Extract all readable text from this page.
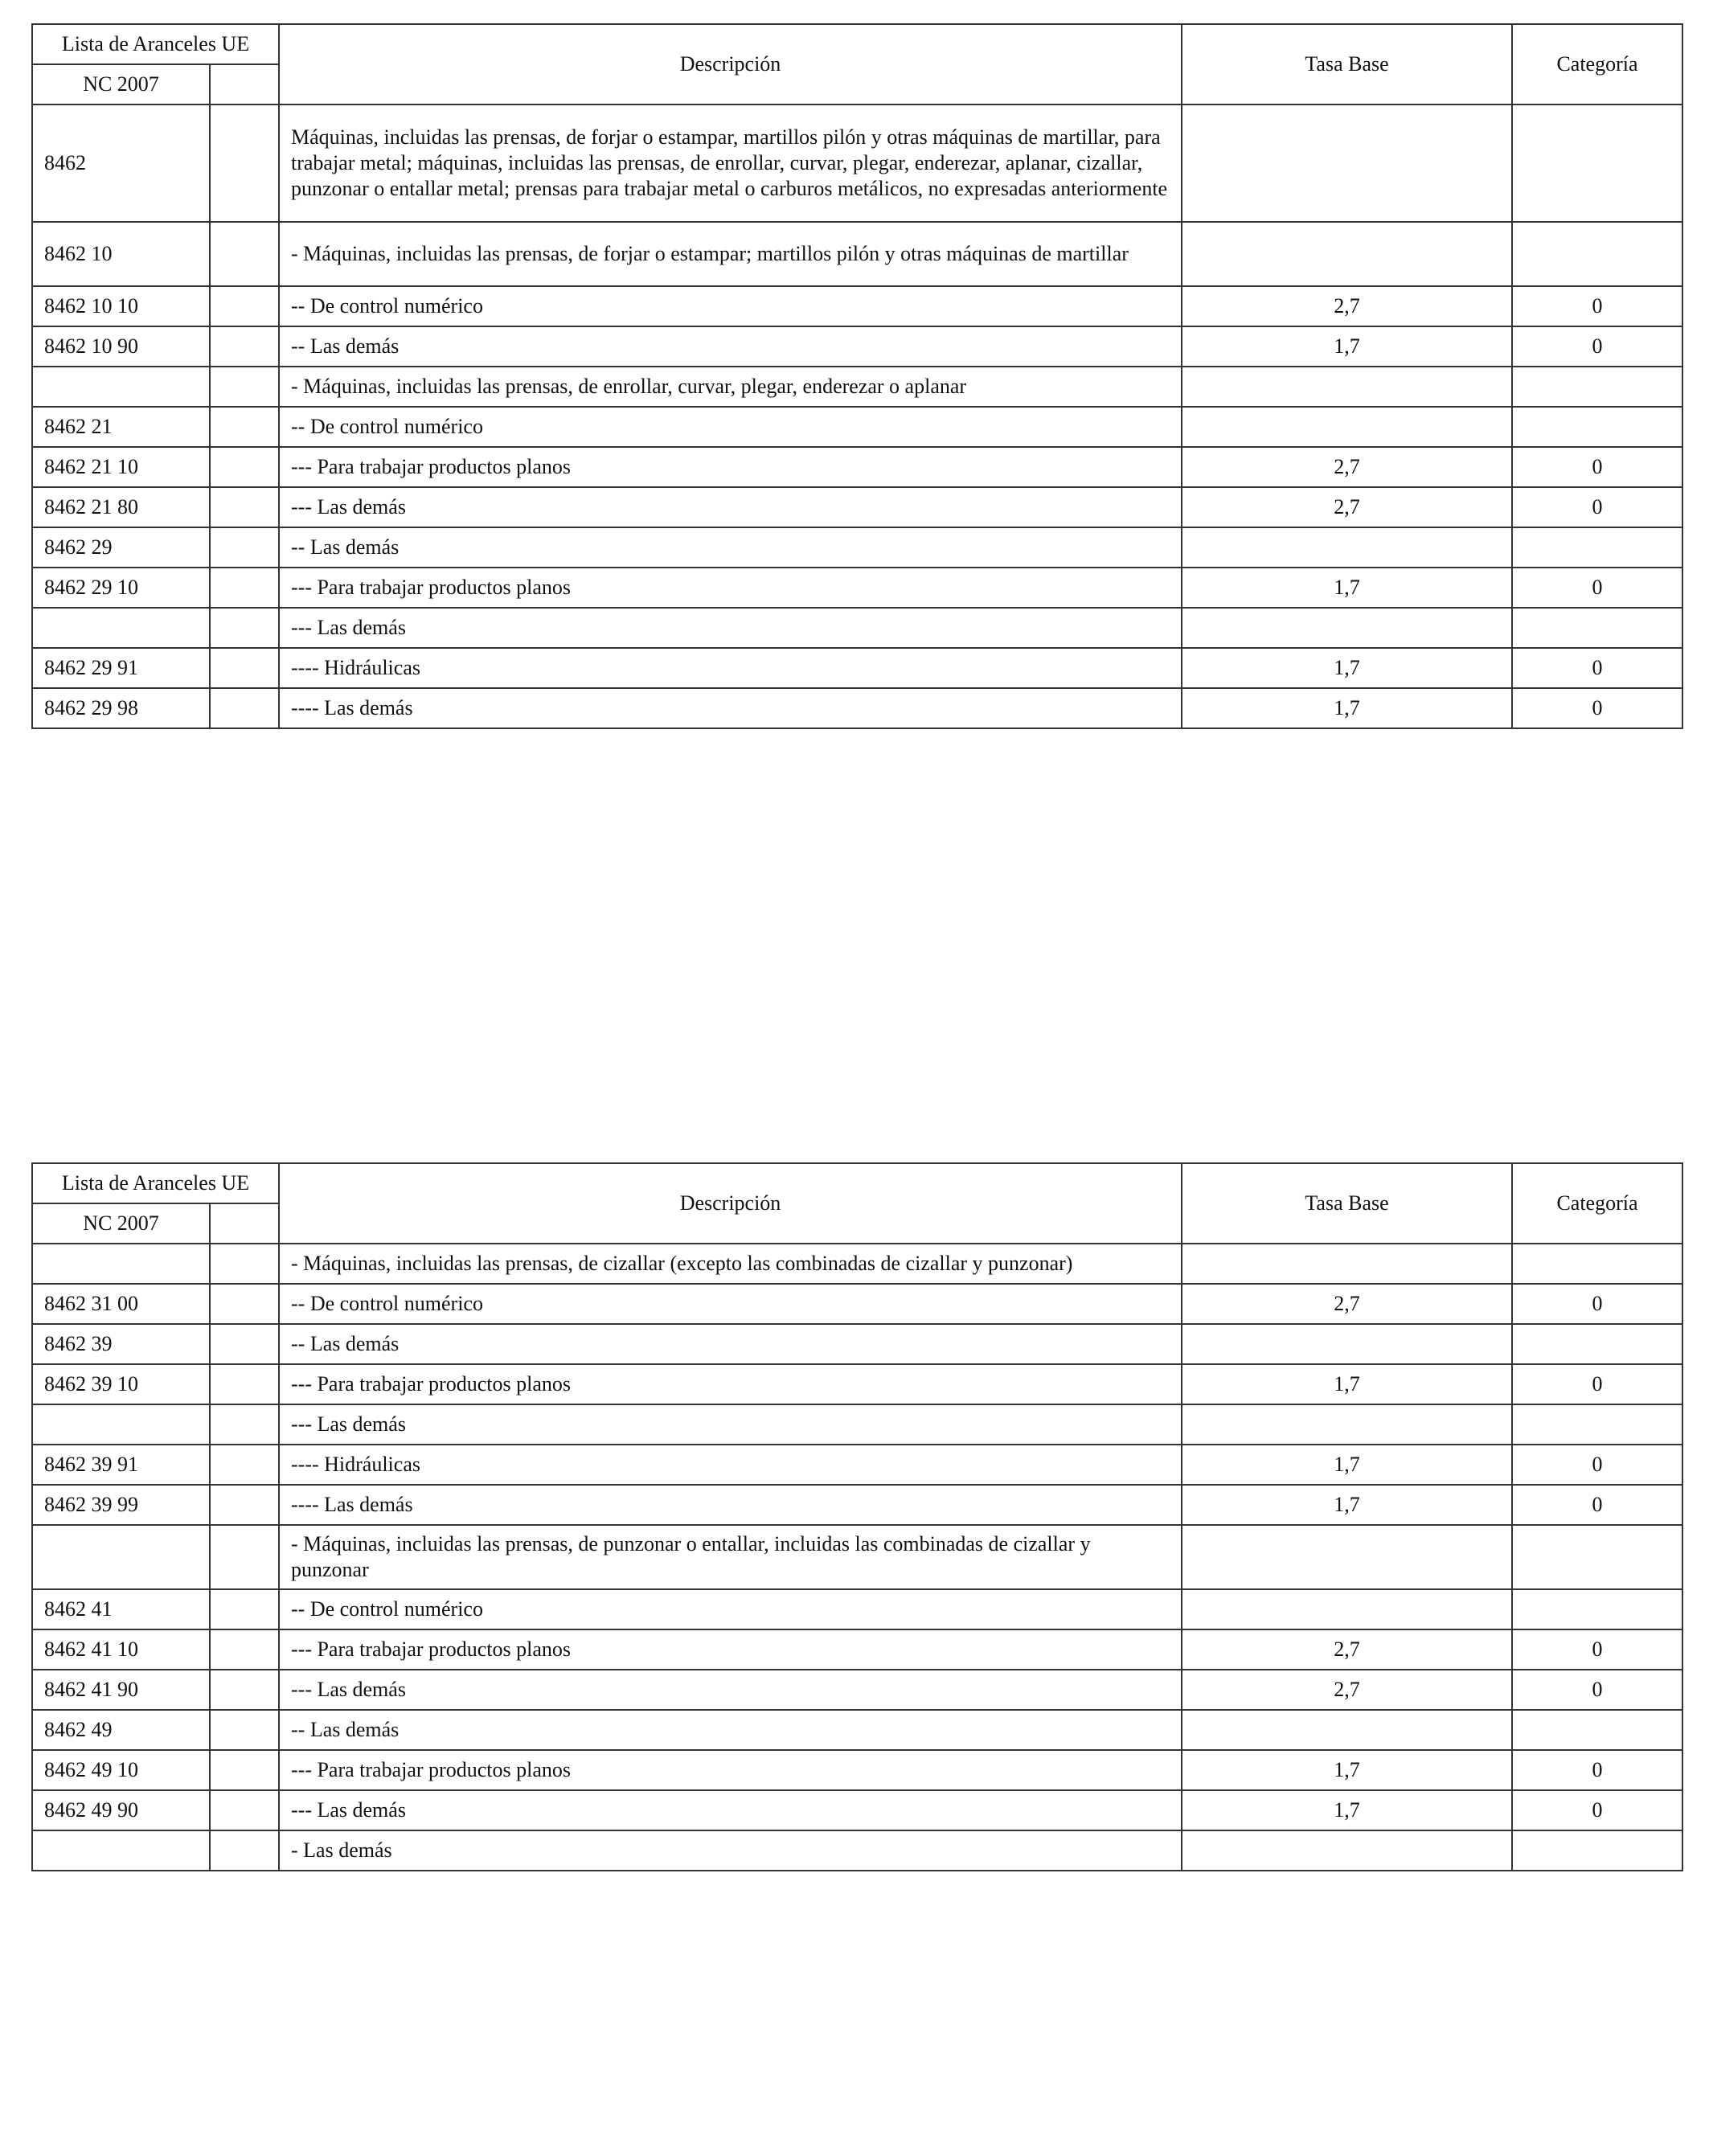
Lista de Aranceles UE		Descripción	Tasa Base	Categoría
NC 2007				
8462		Máquinas, incluidas las prensas, de forjar o estampar, martillos pilón y otras máquinas de martillar, para trabajar metal; máquinas, incluidas las prensas, de enrollar, curvar, plegar, enderezar, aplanar, cizallar, punzonar o entallar metal; prensas para trabajar metal o carburos metálicos, no expresadas anteriormente		
8462 10		- Máquinas, incluidas las prensas, de forjar o estampar; martillos pilón y otras máquinas de martillar		
8462 10 10		-- De control numérico	2,7	0
8462 10 90		-- Las demás	1,7	0
		- Máquinas, incluidas las prensas, de enrollar, curvar, plegar, enderezar o aplanar		
8462 21		-- De control numérico		
8462 21 10		--- Para trabajar productos planos	2,7	0
8462 21 80		--- Las demás	2,7	0
8462 29		-- Las demás		
8462 29 10		--- Para trabajar productos planos	1,7	0
		--- Las demás		
8462 29 91		---- Hidráulicas	1,7	0
8462 29 98		---- Las demás	1,7	0
Lista de Aranceles UE		Descripción	Tasa Base	Categoría
NC 2007				
		- Máquinas, incluidas las prensas, de cizallar (excepto las combinadas de cizallar y punzonar)		
8462 31 00		-- De control numérico	2,7	0
8462 39		-- Las demás		
8462 39 10		--- Para trabajar productos planos	1,7	0
		--- Las demás		
8462 39 91		---- Hidráulicas	1,7	0
8462 39 99		---- Las demás	1,7	0
		- Máquinas, incluidas las prensas, de punzonar o entallar, incluidas las combinadas de cizallar y punzonar		
8462 41		-- De control numérico		
8462 41 10		--- Para trabajar productos planos	2,7	0
8462 41 90		--- Las demás	2,7	0
8462 49		-- Las demás		
8462 49 10		--- Para trabajar productos planos	1,7	0
8462 49 90		--- Las demás	1,7	0
		- Las demás		
